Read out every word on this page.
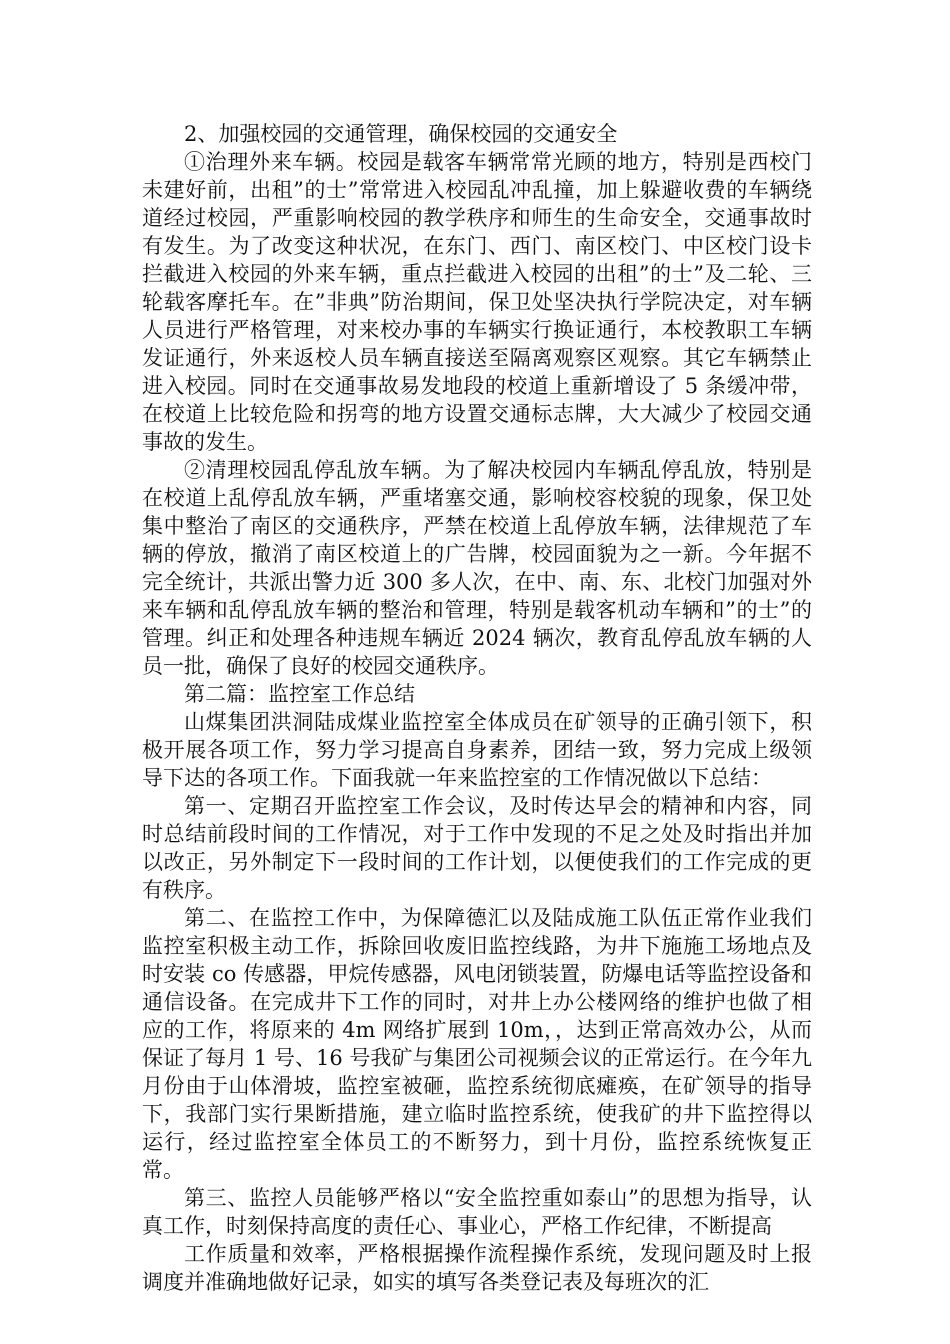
2、加强校园的交通管理，确保校园的交通安全

①治理外来车辆。校园是载客车辆常常光顾的地方，特别是西校门未建好前，出租”的士”常常进入校园乱冲乱撞，加上躲避收费的车辆绕道经过校园，严重影响校园的教学秩序和师生的生命安全，交通事故时有发生。为了改变这种状况，在东门、西门、南区校门、中区校门设卡拦截进入校园的外来车辆，重点拦截进入校园的出租”的士”及二轮、三轮载客摩托车。在”非典”防治期间，保卫处坚决执行学院决定，对车辆人员进行严格管理，对来校办事的车辆实行换证通行，本校教职工车辆发证通行，外来返校人员车辆直接送至隔离观察区观察。其它车辆禁止进入校园。同时在交通事故易发地段的校道上重新增设了 5 条缓冲带，在校道上比较危险和拐弯的地方设置交通标志牌，大大减少了校园交通事故的发生。

②清理校园乱停乱放车辆。为了解决校园内车辆乱停乱放，特别是在校道上乱停乱放车辆，严重堵塞交通，影响校容校貌的现象，保卫处集中整治了南区的交通秩序，严禁在校道上乱停放车辆，法律规范了车辆的停放，撤消了南区校道上的广告牌，校园面貌为之一新。今年据不完全统计，共派出警力近 300 多人次，在中、南、东、北校门加强对外来车辆和乱停乱放车辆的整治和管理，特别是载客机动车辆和”的士”的管理。纠正和处理各种违规车辆近 2024 辆次，教育乱停乱放车辆的人员一批，确保了良好的校园交通秩序。

第二篇：监控室工作总结

山煤集团洪洞陆成煤业监控室全体成员在矿领导的正确引领下，积极开展各项工作，努力学习提高自身素养，团结一致，努力完成上级领导下达的各项工作。下面我就一年来监控室的工作情况做以下总结：

第一、定期召开监控室工作会议，及时传达早会的精神和内容，同时总结前段时间的工作情况，对于工作中发现的不足之处及时指出并加以改正，另外制定下一段时间的工作计划，以便使我们的工作完成的更有秩序。

第二、在监控工作中，为保障德汇以及陆成施工队伍正常作业我们监控室积极主动工作，拆除回收废旧监控线路，为井下施施工场地点及时安装 co 传感器，甲烷传感器，风电闭锁装置，防爆电话等监控设备和通信设备。在完成井下工作的同时，对井上办公楼网络的维护也做了相应的工作，将原来的 4m 网络扩展到 10m，，达到正常高效办公，从而保证了每月 1 号、16 号我矿与集团公司视频会议的正常运行。在今年九月份由于山体滑坡，监控室被砸，监控系统彻底瘫痪，在矿领导的指导下，我部门实行果断措施，建立临时监控系统，使我矿的井下监控得以运行，经过监控室全体员工的不断努力，到十月份，监控系统恢复正常。

第三、监控人员能够严格以“安全监控重如泰山”的思想为指导，认真工作，时刻保持高度的责任心、事业心，严格工作纪律，不断提高

工作质量和效率，严格根据操作流程操作系统，发现问题及时上报调度并准确地做好记录，如实的填写各类登记表及每班次的汇
